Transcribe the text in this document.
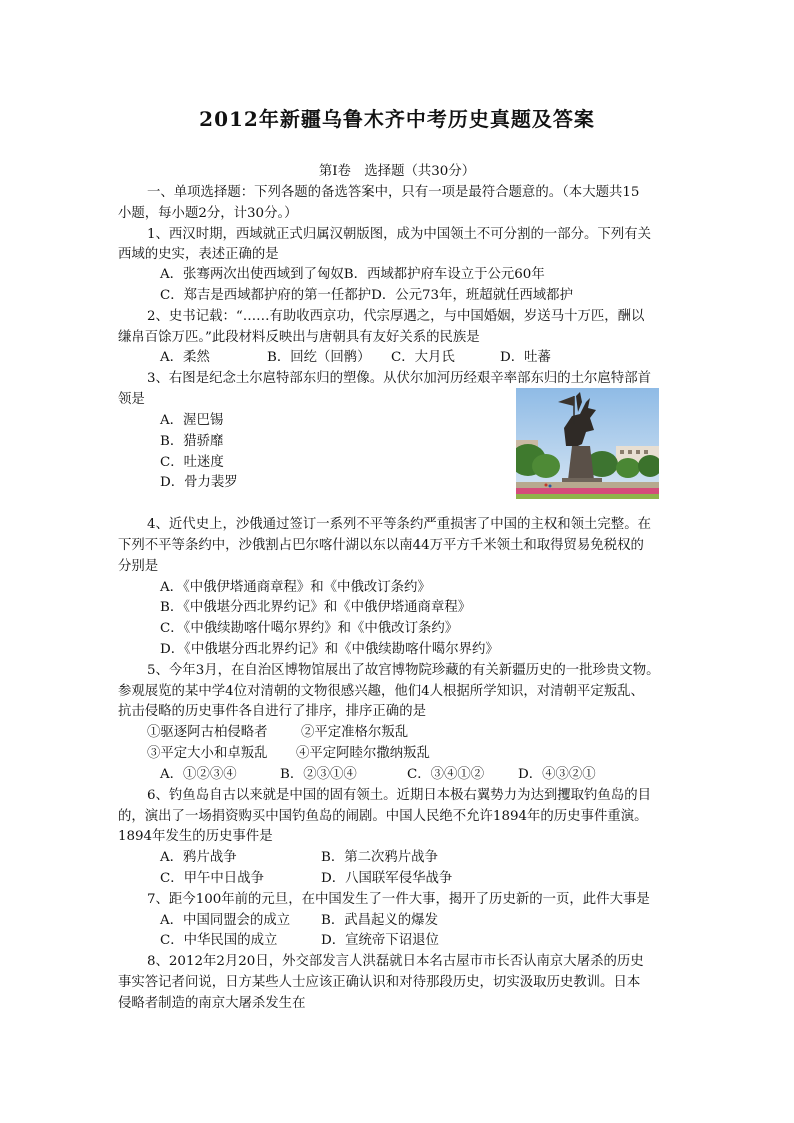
2012年新疆乌鲁木齐中考历史真题及答案
第Ⅰ卷　选择题（共30分）
一、单项选择题：下列各题的备选答案中，只有一项是最符合题意的。（本大题共15
小题，每小题2分，计30分。）
1、西汉时期，西域就正式归属汉朝版图，成为中国领土不可分割的一部分。下列有关
西域的史实，表述正确的是
A．张骞两次出使西域到了匈奴 B．西域都护府车设立于公元60年
C．郑吉是西域都护府的第一任都护 D．公元73年，班超就任西域都护
2、史书记载：“……有助收西京功，代宗厚遇之，与中国婚姻，岁送马十万匹，酬以
缣帛百馀万匹。”此段材料反映出与唐朝具有友好关系的民族是
A．柔然	B．回纥（回鹘） C．大月氏	D．吐蕃
3、右图是纪念土尔扈特部东归的塑像。从伏尔加河历经艰辛率部东归的土尔扈特部首
领是
A．渥巴锡
B．猎骄靡
C．吐迷度
D．骨力裴罗
4、近代史上，沙俄通过签订一系列不平等条约严重损害了中国的主权和领土完整。在
下列不平等条约中，沙俄割占巴尔喀什湖以东以南44万平方千米领土和取得贸易免税权的
分别是
A．《中俄伊塔通商章程》和《中俄改订条约》
B．《中俄堪分西北界约记》和《中俄伊塔通商章程》
C．《中俄续勘喀什噶尔界约》和《中俄改订条约》
D．《中俄堪分西北界约记》和《中俄续勘喀什噶尔界约》
5、今年3月，在自治区博物馆展出了故宫博物院珍藏的有关新疆历史的一批珍贵文物。
参观展览的某中学4位对清朝的文物很感兴趣，他们4人根据所学知识，对清朝平定叛乱、
抗击侵略的历史事件各自进行了排序，排序正确的是
①驱逐阿古柏侵略者 ②平定准格尔叛乱
③平定大小和卓叛乱 ④平定阿睦尔撒纳叛乱
A．①②③④	B．②③①④	C．③④①②	D．④③②①
6、钓鱼岛自古以来就是中国的固有领土。近期日本极右翼势力为达到攫取钓鱼岛的目
的，演出了一场捐资购买中国钓鱼岛的闹剧。中国人民绝不允许1894年的历史事件重演。
1894年发生的历史事件是
A．鸦片战争	B．第二次鸦片战争
C．甲午中日战争	D．八国联军侵华战争
7、距今100年前的元旦，在中国发生了一件大事，揭开了历史新的一页，此件大事是
A．中国同盟会的成立 B．武昌起义的爆发
C．中华民国的成立	D．宣统帝下诏退位
8、2012年2月20日，外交部发言人洪磊就日本名古屋市市长否认南京大屠杀的历史
事实答记者问说，日方某些人士应该正确认识和对待那段历史，切实汲取历史教训。日本
侵略者制造的南京大屠杀发生在
